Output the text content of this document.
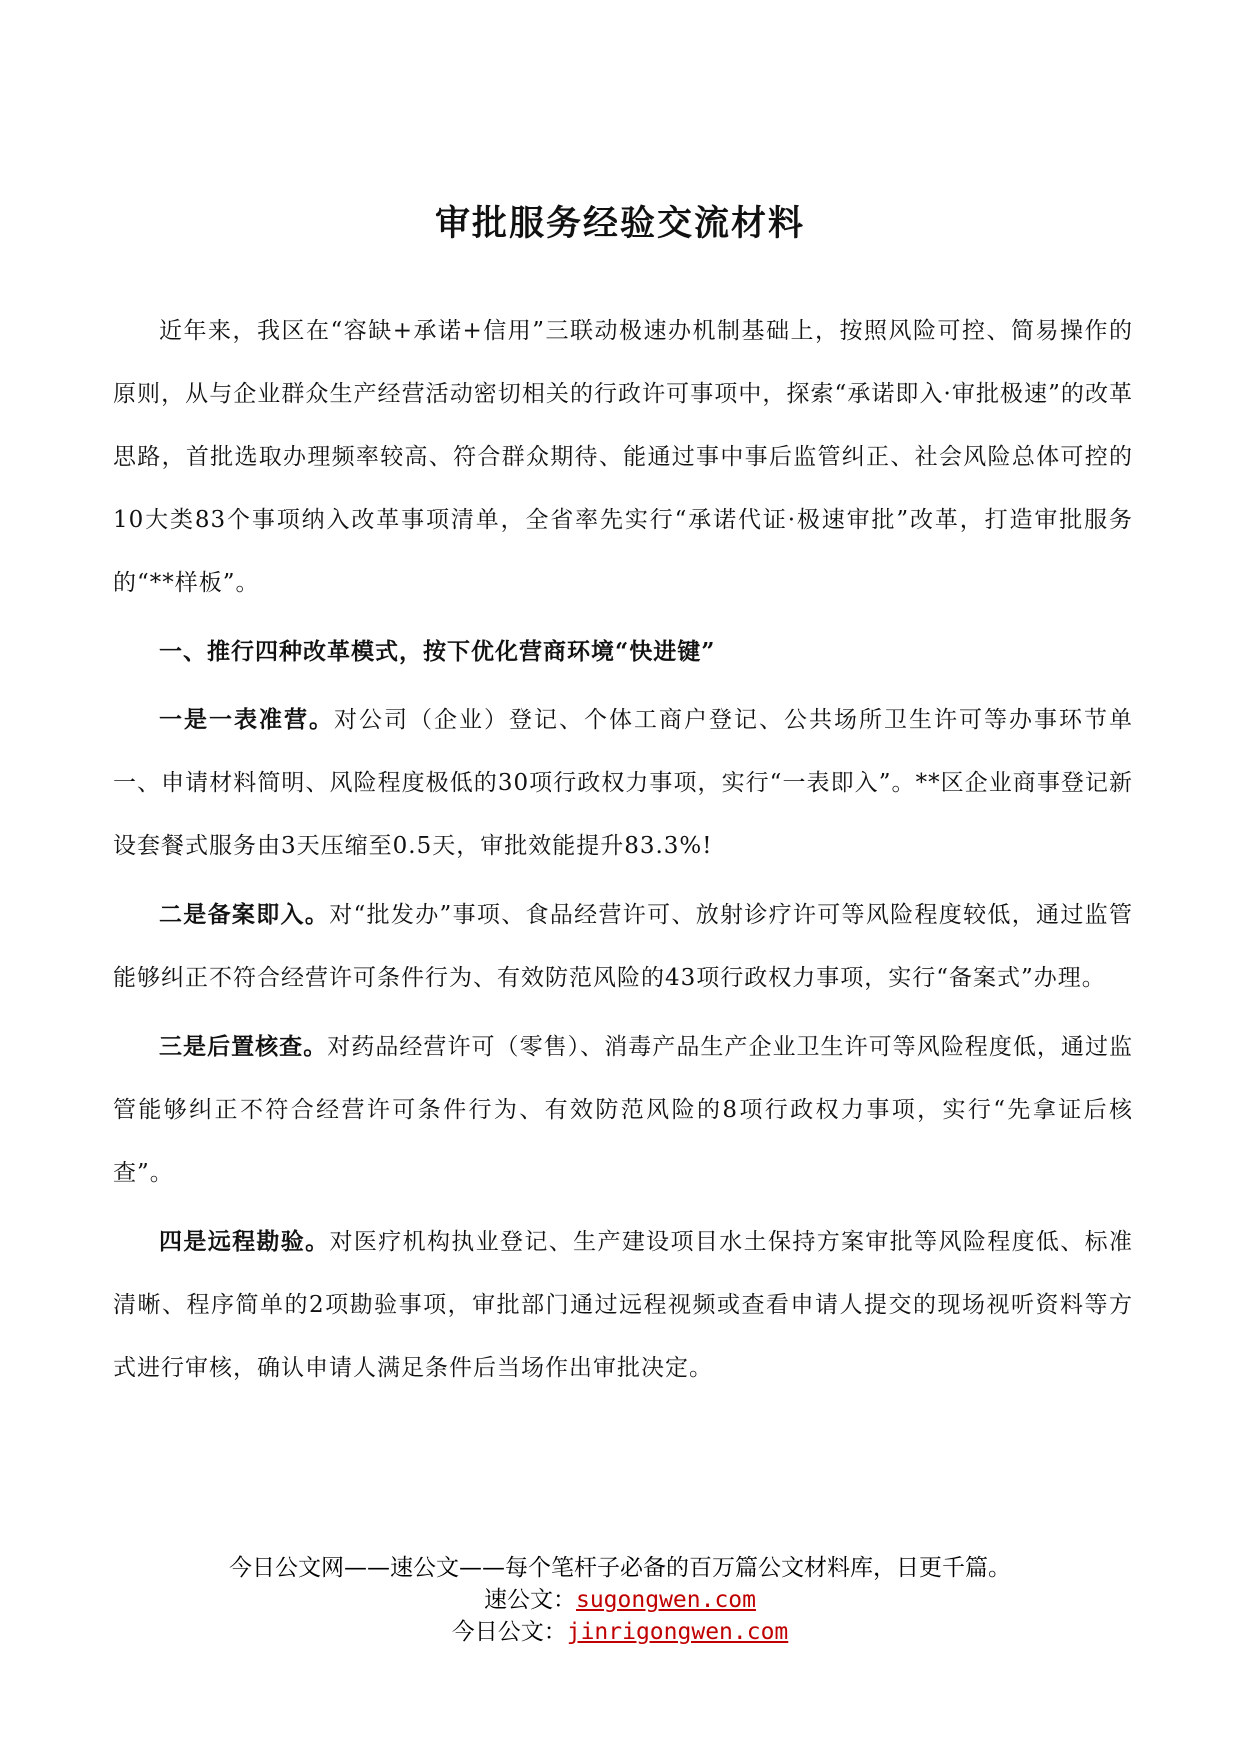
审批服务经验交流材料

近年来，我区在“容缺+承诺+信用”三联动极速办机制基础上，按照风险可控、简易操作的原则，从与企业群众生产经营活动密切相关的行政许可事项中，探索“承诺即入·审批极速”的改革思路，首批选取办理频率较高、符合群众期待、能通过事中事后监管纠正、社会风险总体可控的10大类83个事项纳入改革事项清单，全省率先实行“承诺代证·极速审批”改革，打造审批服务的“**样板”。

一、推行四种改革模式，按下优化营商环境“快进键”

一是一表准营。对公司（企业）登记、个体工商户登记、公共场所卫生许可等办事环节单一、申请材料简明、风险程度极低的30项行政权力事项，实行“一表即入”。**区企业商事登记新设套餐式服务由3天压缩至0.5天，审批效能提升83.3%!

二是备案即入。对“批发办”事项、食品经营许可、放射诊疗许可等风险程度较低，通过监管能够纠正不符合经营许可条件行为、有效防范风险的43项行政权力事项，实行“备案式”办理。

三是后置核查。对药品经营许可（零售）、消毒产品生产企业卫生许可等风险程度低，通过监管能够纠正不符合经营许可条件行为、有效防范风险的8项行政权力事项，实行“先拿证后核查”。

四是远程勘验。对医疗机构执业登记、生产建设项目水土保持方案审批等风险程度低、标准清晰、程序简单的2项勘验事项，审批部门通过远程视频或查看申请人提交的现场视听资料等方式进行审核，确认申请人满足条件后当场作出审批决定。

今日公文网——速公文——每个笔杆子必备的百万篇公文材料库，日更千篇。

速公文：sugongwen.com

今日公文：jinrigongwen.com
